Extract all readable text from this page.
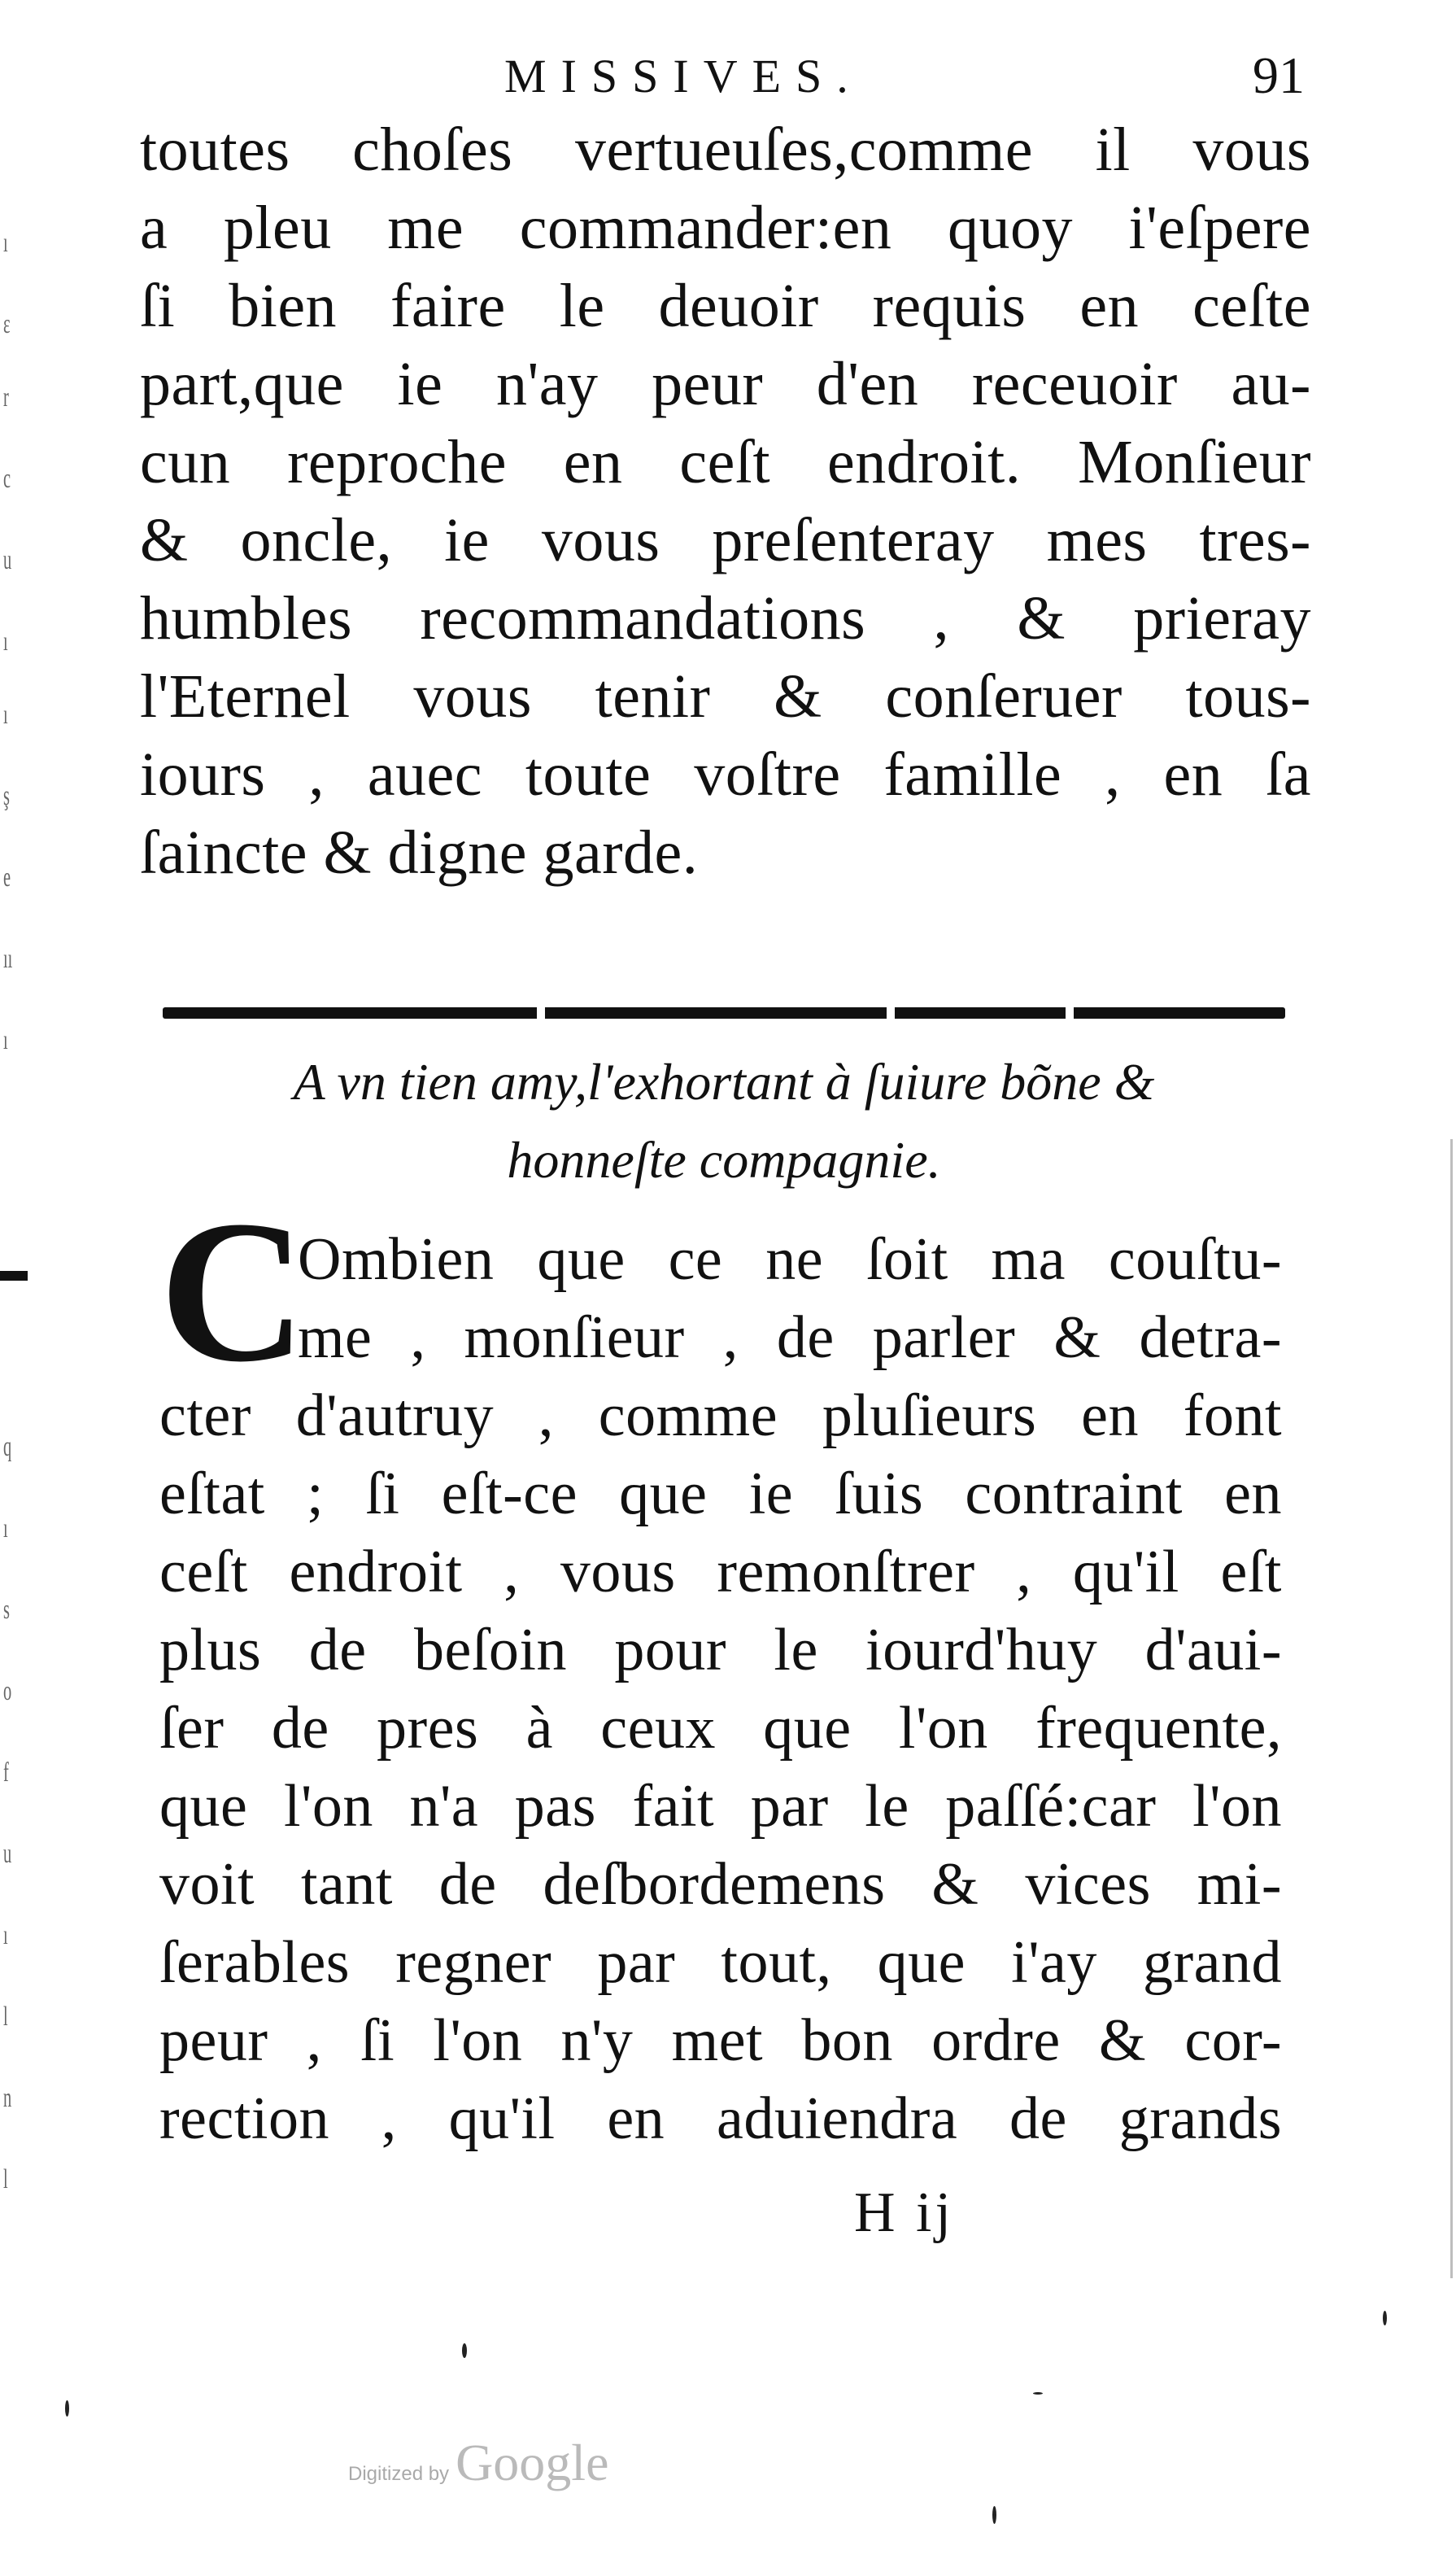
ı
ɛ
r
c
u
ı
ı
ş
e
ıı
ı
q
ı
s
o
f
u
ı
l
n
l
MISSIVES.	91
toutes choſes vertueuſes,comme il vous
a pleu me commander:en quoy i'eſpere
ſi bien faire le deuoir requis en ceſte
part,que ie n'ay peur d'en receuoir au-
cun reproche en ceſt endroit. Monſieur
& oncle, ie vous preſenteray mes tres-
humbles recommandations , & prieray
l'Eternel vous tenir & conſeruer tous-
iours , auec toute voſtre famille , en ſa
ſaincte & digne garde.
A vn tien amy,l'exhortant à ſuiure bõne &
honneſte compagnie.
C
Ombien que ce ne ſoit ma couſtu-
me , monſieur , de parler & detra-
cter d'autruy , comme pluſieurs en font
eſtat ; ſi eſt-ce que ie ſuis contraint en
ceſt endroit , vous remonſtrer , qu'il eſt
plus de beſoin pour le iourd'huy d'aui-
ſer de pres à ceux que l'on frequente,
que l'on n'a pas fait par le paſſé:car l'on
voit tant de deſbordemens & vices mi-
ſerables regner par tout, que i'ay grand
peur , ſi l'on n'y met bon ordre & cor-
rection , qu'il en aduiendra de grands
H ij
Digitized by Google
